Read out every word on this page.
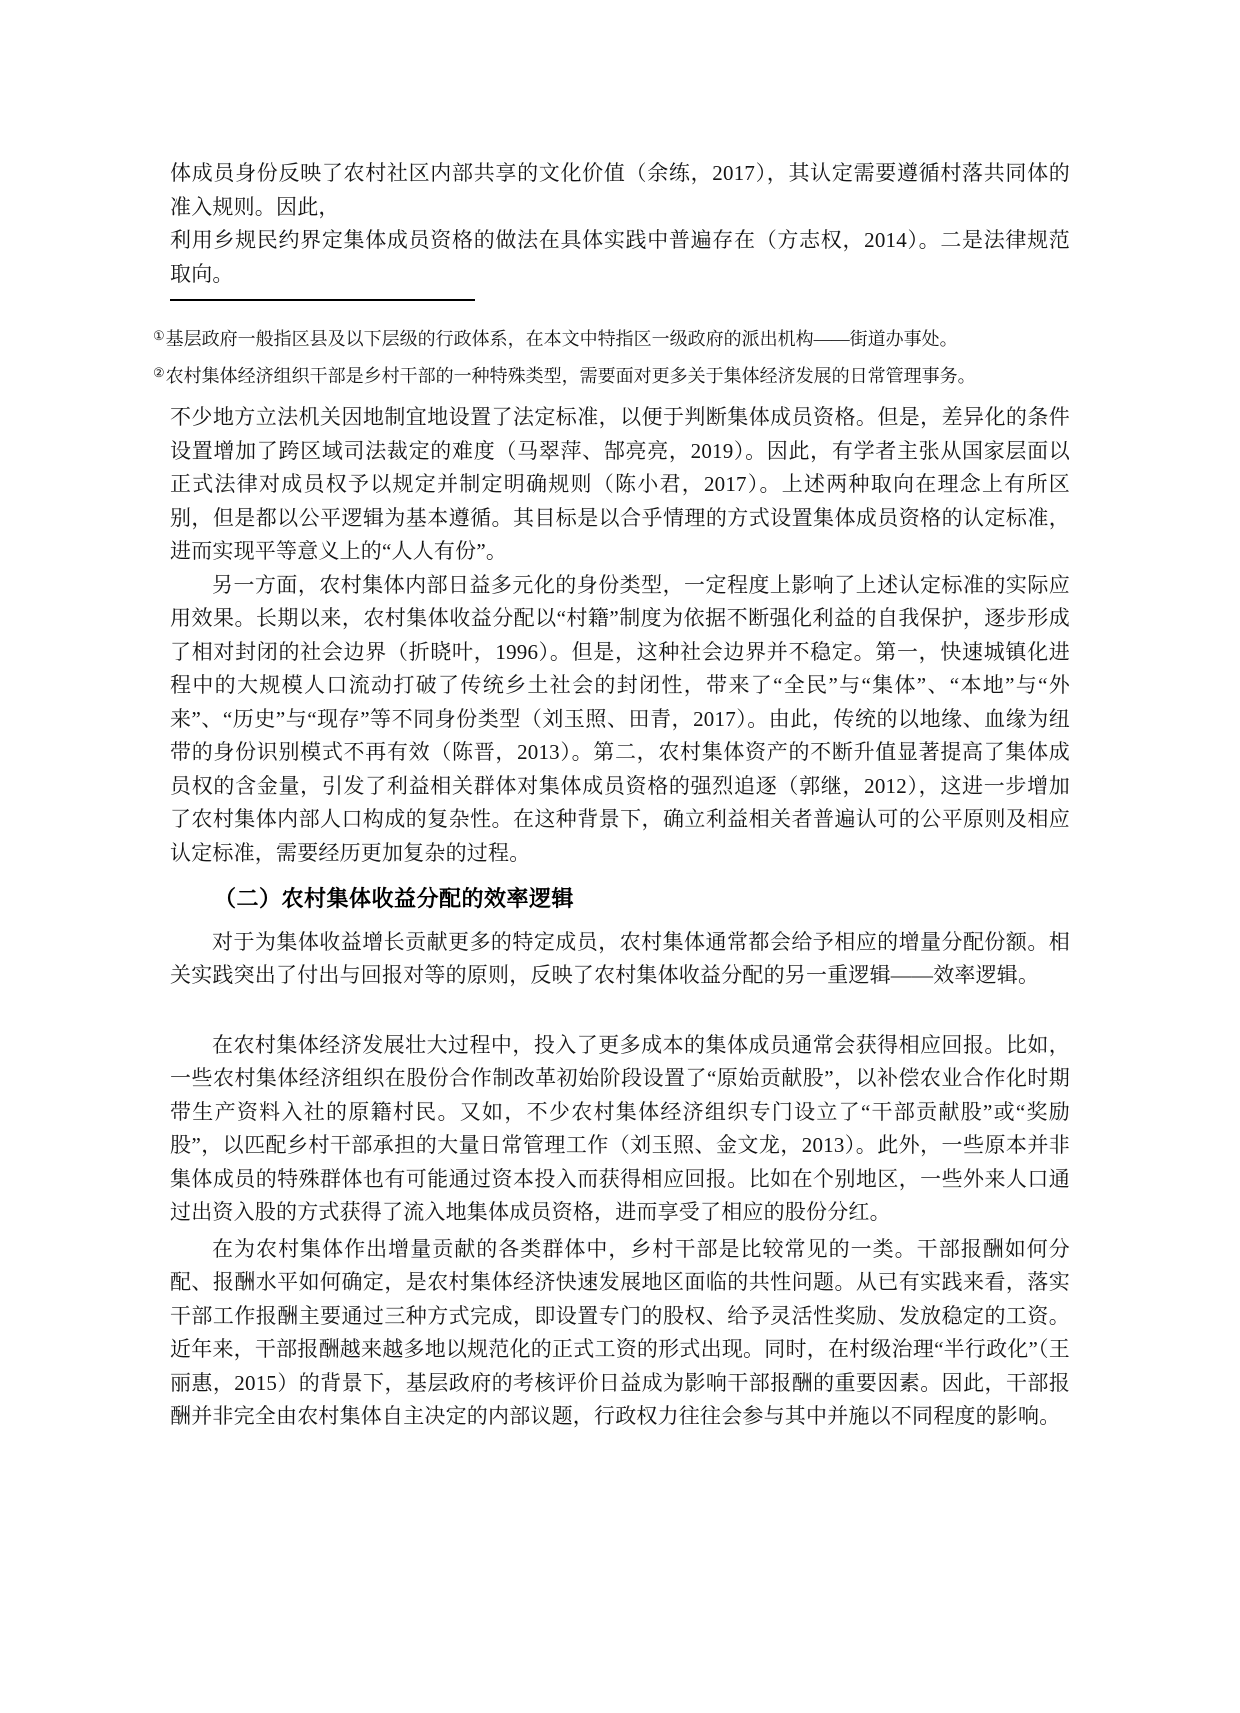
体成员身份反映了农村社区内部共享的文化价值（余练，2017），其认定需要遵循村落共同体的准入规则。因此，

利用乡规民约界定集体成员资格的做法在具体实践中普遍存在（方志权，2014）。二是法律规范取向。

①基层政府一般指区县及以下层级的行政体系，在本文中特指区一级政府的派出机构——街道办事处。

②农村集体经济组织干部是乡村干部的一种特殊类型，需要面对更多关于集体经济发展的日常管理事务。

不少地方立法机关因地制宜地设置了法定标准，以便于判断集体成员资格。但是，差异化的条件设置增加了跨区域司法裁定的难度（马翠萍、郜亮亮，2019）。因此，有学者主张从国家层面以正式法律对成员权予以规定并制定明确规则（陈小君，2017）。上述两种取向在理念上有所区别，但是都以公平逻辑为基本遵循。其目标是以合乎情理的方式设置集体成员资格的认定标准，进而实现平等意义上的“人人有份”。

另一方面，农村集体内部日益多元化的身份类型，一定程度上影响了上述认定标准的实际应用效果。长期以来，农村集体收益分配以“村籍”制度为依据不断强化利益的自我保护，逐步形成了相对封闭的社会边界（折晓叶，1996）。但是，这种社会边界并不稳定。第一，快速城镇化进程中的大规模人口流动打破了传统乡土社会的封闭性，带来了“全民”与“集体”、“本地”与“外来”、“历史”与“现存”等不同身份类型（刘玉照、田青，2017）。由此，传统的以地缘、血缘为纽带的身份识别模式不再有效（陈晋，2013）。第二，农村集体资产的不断升值显著提高了集体成员权的含金量，引发了利益相关群体对集体成员资格的强烈追逐（郭继，2012），这进一步增加了农村集体内部人口构成的复杂性。在这种背景下，确立利益相关者普遍认可的公平原则及相应认定标准，需要经历更加复杂的过程。

（二）农村集体收益分配的效率逻辑

对于为集体收益增长贡献更多的特定成员，农村集体通常都会给予相应的增量分配份额。相关实践突出了付出与回报对等的原则，反映了农村集体收益分配的另一重逻辑——效率逻辑。

在农村集体经济发展壮大过程中，投入了更多成本的集体成员通常会获得相应回报。比如，一些农村集体经济组织在股份合作制改革初始阶段设置了“原始贡献股”，以补偿农业合作化时期带生产资料入社的原籍村民。又如，不少农村集体经济组织专门设立了“干部贡献股”或“奖励股”，以匹配乡村干部承担的大量日常管理工作（刘玉照、金文龙，2013）。此外，一些原本并非集体成员的特殊群体也有可能通过资本投入而获得相应回报。比如在个别地区，一些外来人口通过出资入股的方式获得了流入地集体成员资格，进而享受了相应的股份分红。

在为农村集体作出增量贡献的各类群体中，乡村干部是比较常见的一类。干部报酬如何分配、报酬水平如何确定，是农村集体经济快速发展地区面临的共性问题。从已有实践来看，落实干部工作报酬主要通过三种方式完成，即设置专门的股权、给予灵活性奖励、发放稳定的工资。近年来，干部报酬越来越多地以规范化的正式工资的形式出现。同时，在村级治理“半行政化”（王丽惠，2015）的背景下，基层政府的考核评价日益成为影响干部报酬的重要因素。因此，干部报酬并非完全由农村集体自主决定的内部议题，行政权力往往会参与其中并施以不同程度的影响。
